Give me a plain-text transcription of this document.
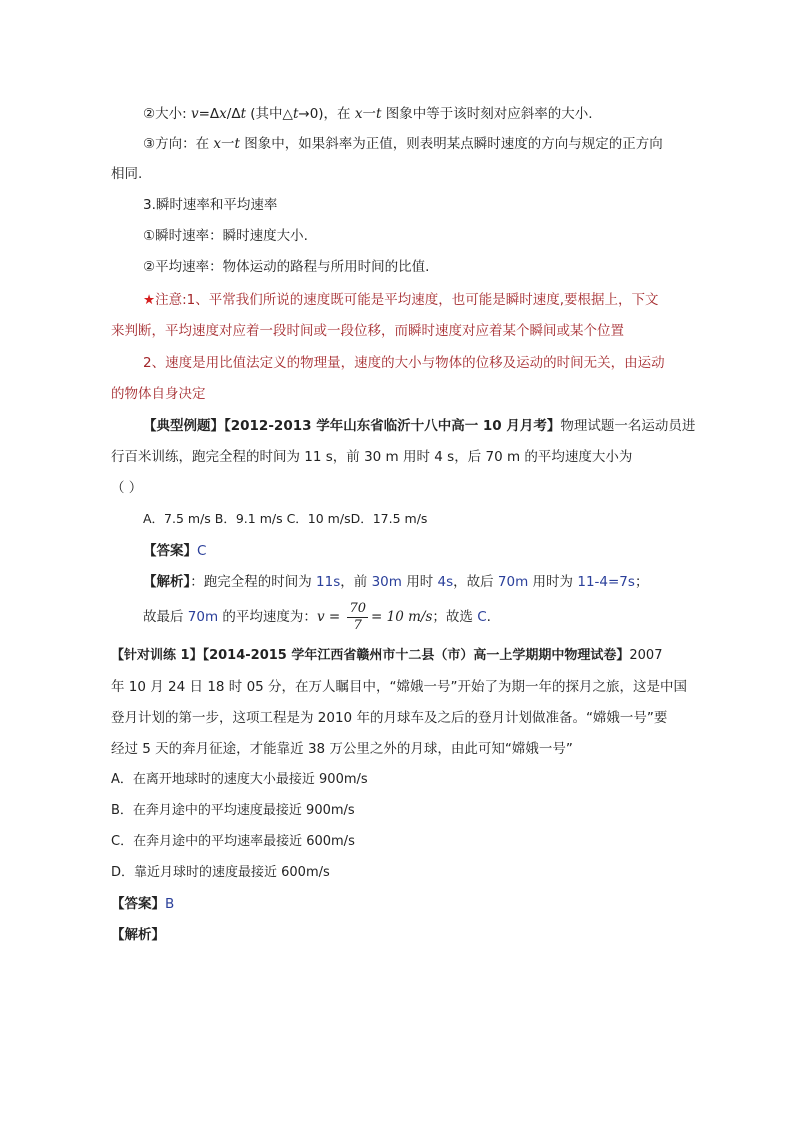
②大小: v=Δx/Δt (其中△t→0)，在 x一t 图象中等于该时刻对应斜率的大小.
③方向：在 x一t 图象中，如果斜率为正值，则表明某点瞬时速度的方向与规定的正方向
相同.
3.瞬时速率和平均速率
①瞬时速率：瞬时速度大小.
②平均速率：物体运动的路程与所用时间的比值.
★注意:1、平常我们所说的速度既可能是平均速度，也可能是瞬时速度,要根据上，下文
来判断，平均速度对应着一段时间或一段位移，而瞬时速度对应着某个瞬间或某个位置
2、速度是用比值法定义的物理量，速度的大小与物体的位移及运动的时间无关，由运动
的物体自身决定
【典型例题】【2012-2013 学年山东省临沂十八中高一 10 月月考】物理试题一名运动员进
行百米训练，跑完全程的时间为 11 s，前 30 m 用时 4 s，后 70 m 的平均速度大小为
（ ）
A．7.5 m/s B．9.1 m/s C．10 m/sD．17.5 m/s
【答案】C
【解析】：跑完全程的时间为 11s，前 30m 用时 4s，故后 70m 用时为 11-4=7s；
故最后 70m 的平均速度为：$v = \frac{70}{7} = 10$ m/s；故选 C.
【针对训练 1】【2014-2015 学年江西省赣州市十二县（市）高一上学期期中物理试卷】2007
年 10 月 24 日 18 时 05 分，在万人瞩目中，“嫦娥一号”开始了为期一年的探月之旅，这是中国
登月计划的第一步，这项工程是为 2010 年的月球车及之后的登月计划做准备。“嫦娥一号”要
经过 5 天的奔月征途，才能靠近 38 万公里之外的月球，由此可知“嫦娥一号”
A．在离开地球时的速度大小最接近 900m/s
B．在奔月途中的平均速度最接近 900m/s
C．在奔月途中的平均速率最接近 600m/s
D．靠近月球时的速度最接近 600m/s
【答案】B
【解析】
